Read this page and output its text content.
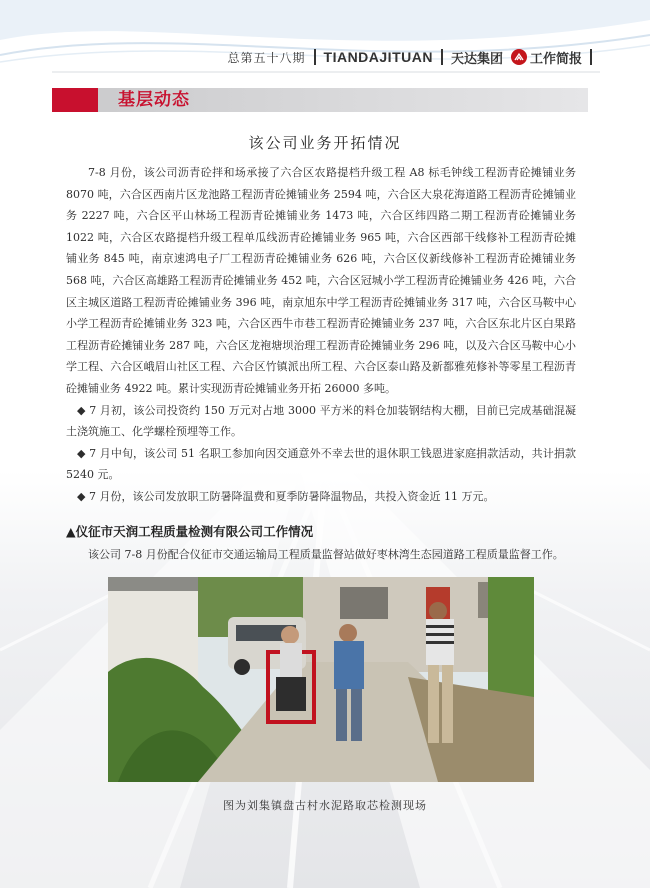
总第五十八期 TIANDAJITUAN 天达集团 工作简报
基层动态
该公司业务开拓情况

7-8 月份，该公司沥青砼拌和场承接了六合区农路提档升级工程 A8 标毛钟线工程沥青砼摊铺业务 8070 吨，六合区西南片区龙池路工程沥青砼摊铺业务 2594 吨，六合区大泉花海道路工程沥青砼摊铺业务 2227 吨，六合区平山林场工程沥青砼摊铺业务 1473 吨，六合区纬四路二期工程沥青砼摊铺业务 1022 吨，六合区农路提档升级工程单瓜线沥青砼摊铺业务 965 吨，六合区西部干线修补工程沥青砼摊铺业务 845 吨，南京速鸿电子厂工程沥青砼摊铺业务 626 吨，六合区仪新线修补工程沥青砼摊铺业务 568 吨，六合区高雄路工程沥青砼摊铺业务 452 吨，六合区冠城小学工程沥青砼摊铺业务 426 吨，六合区主城区道路工程沥青砼摊铺业务 396 吨，南京旭东中学工程沥青砼摊铺业务 317 吨，六合区马鞍中心小学工程沥青砼摊铺业务 323 吨，六合区西牛市巷工程沥青砼摊铺业务 237 吨，六合区东北片区白果路工程沥青砼摊铺业务 287 吨，六合区龙袍塘坝治理工程沥青砼摊铺业务 296 吨，以及六合区马鞍中心小学工程、六合区峨眉山社区工程、六合区竹镇派出所工程、六合区泰山路及新都雅苑修补等零星工程沥青砼摊铺业务 4922 吨。累计实现沥青砼摊铺业务开拓 26000 多吨。

◆ 7 月初，该公司投资约 150 万元对占地 3000 平方米的料仓加装钢结构大棚，目前已完成基础混凝土浇筑施工、化学螺栓预埋等工作。

◆ 7 月中旬，该公司 51 名职工参加向因交通意外不幸去世的退休职工钱恩进家庭捐款活动，共计捐款 5240 元。

◆ 7 月份，该公司发放职工防暑降温费和夏季防暑降温物品，共投入资金近 11 万元。

▲仪征市天润工程质量检测有限公司工作情况
该公司 7-8 月份配合仪征市交通运输局工程质量监督站做好枣林湾生态园道路工程质量监督工作。
图为刘集镇盘古村水泥路取芯检测现场
